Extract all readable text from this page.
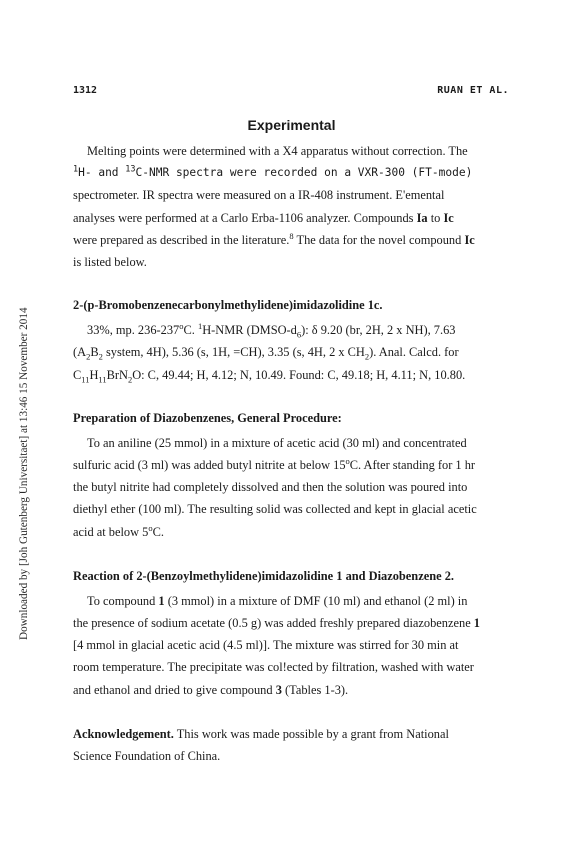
Downloaded by [Joh Gutenberg Universitaet] at 13:46 15 November 2014
1312	RUAN ET AL.
Experimental

Melting points were determined with a X4 apparatus without correction. The

$^1$H- and $^{13}$C-NMR spectra were recorded on a VXR-300 (FT-mode)

spectrometer. IR spectra were measured on a IR-408 instrument. E'emental

analyses were performed at a Carlo Erba-1106 analyzer. Compounds Ia to Ic

were prepared as described in the literature.$^8$ The data for the novel compound Ic

is listed below.

2-(p-Bromobenzenecarbonylmethylidene)imidazolidine 1c.

33%, mp. 236-237$^o$C. $^1$H-NMR $(DMSO-d_6)$: δ 9.20 (br, 2H, 2 x NH), 7.63

($A_2B_2$ system, 4H), 5.36 (s, 1H, =CH), 3.35 (s, 4H, 2 x $CH_2$). Anal. Calcd. for

$C_{11}H_{11}BrN_2O$: C, 49.44; H, 4.12; N, 10.49. Found: C, 49.18; H, 4.11; N, 10.80.

Preparation of Diazobenzenes, General Procedure:

To an aniline (25 mmol) in a mixture of acetic acid (30 ml) and concentrated

sulfuric acid (3 ml) was added butyl nitrite at below 15$^o$C. After standing for 1 hr

the butyl nitrite had completely dissolved and then the solution was poured into

diethyl ether (100 ml). The resulting solid was collected and kept in glacial acetic

acid at below 5$^o$C.

Reaction of 2-(Benzoylmethylidene)imidazolidine 1 and Diazobenzene 2.

To compound 1 (3 mmol) in a mixture of DMF (10 ml) and ethanol (2 ml) in

the presence of sodium acetate (0.5 g) was added freshly prepared diazobenzene 1

[4 mmol in glacial acetic acid (4.5 ml)]. The mixture was stirred for 30 min at

room temperature. The precipitate was col!ected by filtration, washed with water

and ethanol and dried to give compound 3 (Tables 1-3).

Acknowledgement. This work was made possible by a grant from National

Science Foundation of China.
